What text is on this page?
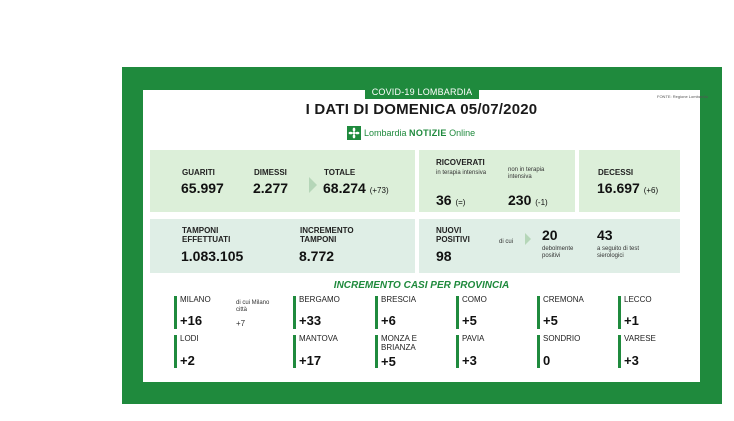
COVID-19 LOMBARDIA	FONTE: Regione Lombardia
I DATI DI DOMENICA 05/07/2020
Lombardia NOTIZIE Online
GUARITI
65.997
DIMESSI
2.277
TOTALE
68.274 (+73)
RICOVERATI
in terapia intensiva
36 (=)
non in terapia intensiva
230 (-1)
DECESSI
16.697 (+6)
TAMPONI EFFETTUATI
1.083.105
INCREMENTO TAMPONI
8.772
NUOVI POSITIVI
98
di cui 20
debolmente positivi
43
a seguito di test sierologici
INCREMENTO CASI PER PROVINCIA
MILANO
+16
di cui Milano città
+7
BERGAMO
+33
BRESCIA
+6
COMO
+5
CREMONA
+5
LECCO
+1
LODI
+2
MANTOVA
+17
MONZA E BRIANZA
+5
PAVIA
+3
SONDRIO
0
VARESE
+3
